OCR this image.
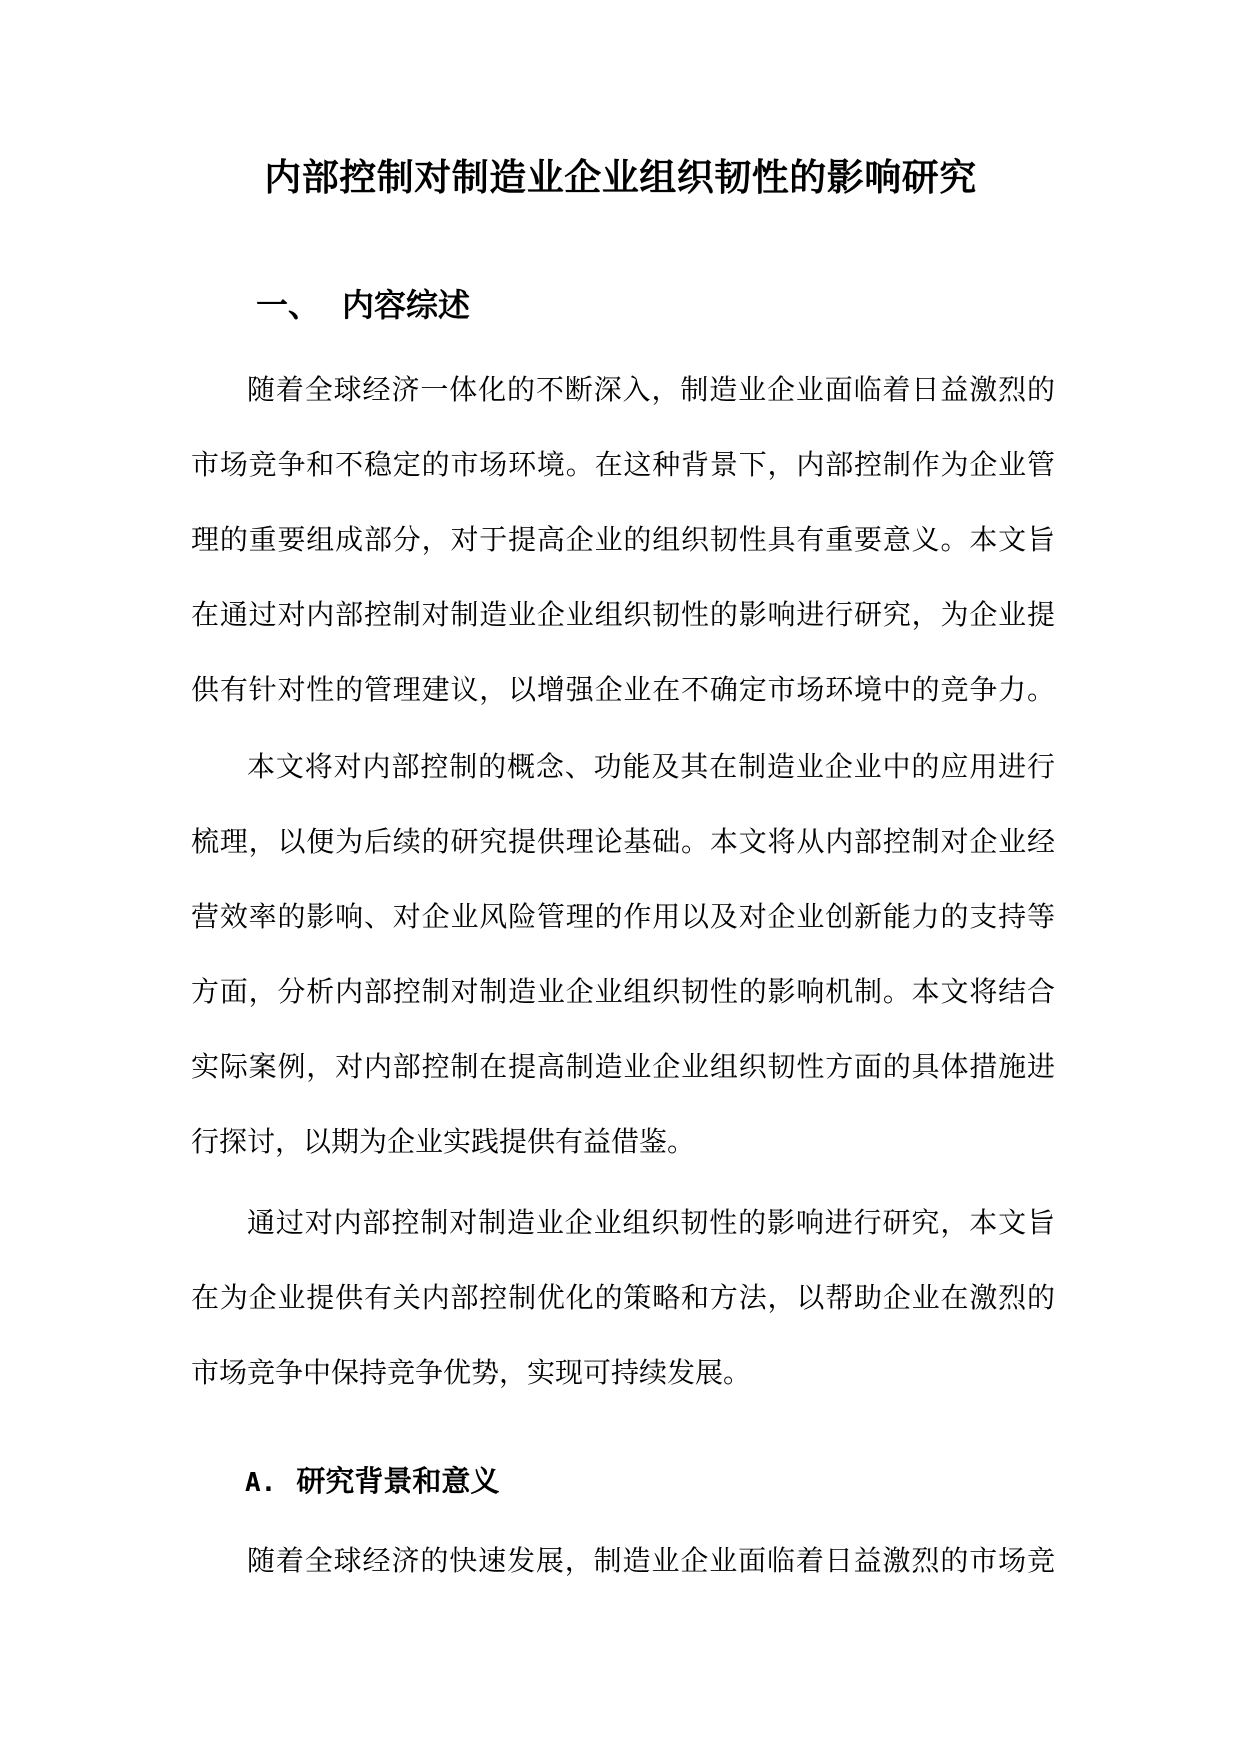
内部控制对制造业企业组织韧性的影响研究
一、 内容综述
随着全球经济一体化的不断深入，制造业企业面临着日益激烈的
市场竞争和不稳定的市场环境。在这种背景下，内部控制作为企业管
理的重要组成部分，对于提高企业的组织韧性具有重要意义。本文旨
在通过对内部控制对制造业企业组织韧性的影响进行研究，为企业提
供有针对性的管理建议，以增强企业在不确定市场环境中的竞争力。
本文将对内部控制的概念、功能及其在制造业企业中的应用进行
梳理，以便为后续的研究提供理论基础。本文将从内部控制对企业经
营效率的影响、对企业风险管理的作用以及对企业创新能力的支持等
方面，分析内部控制对制造业企业组织韧性的影响机制。本文将结合
实际案例，对内部控制在提高制造业企业组织韧性方面的具体措施进
行探讨，以期为企业实践提供有益借鉴。
通过对内部控制对制造业企业组织韧性的影响进行研究，本文旨
在为企业提供有关内部控制优化的策略和方法，以帮助企业在激烈的
市场竞争中保持竞争优势，实现可持续发展。
A. 研究背景和意义
随着全球经济的快速发展，制造业企业面临着日益激烈的市场竞
